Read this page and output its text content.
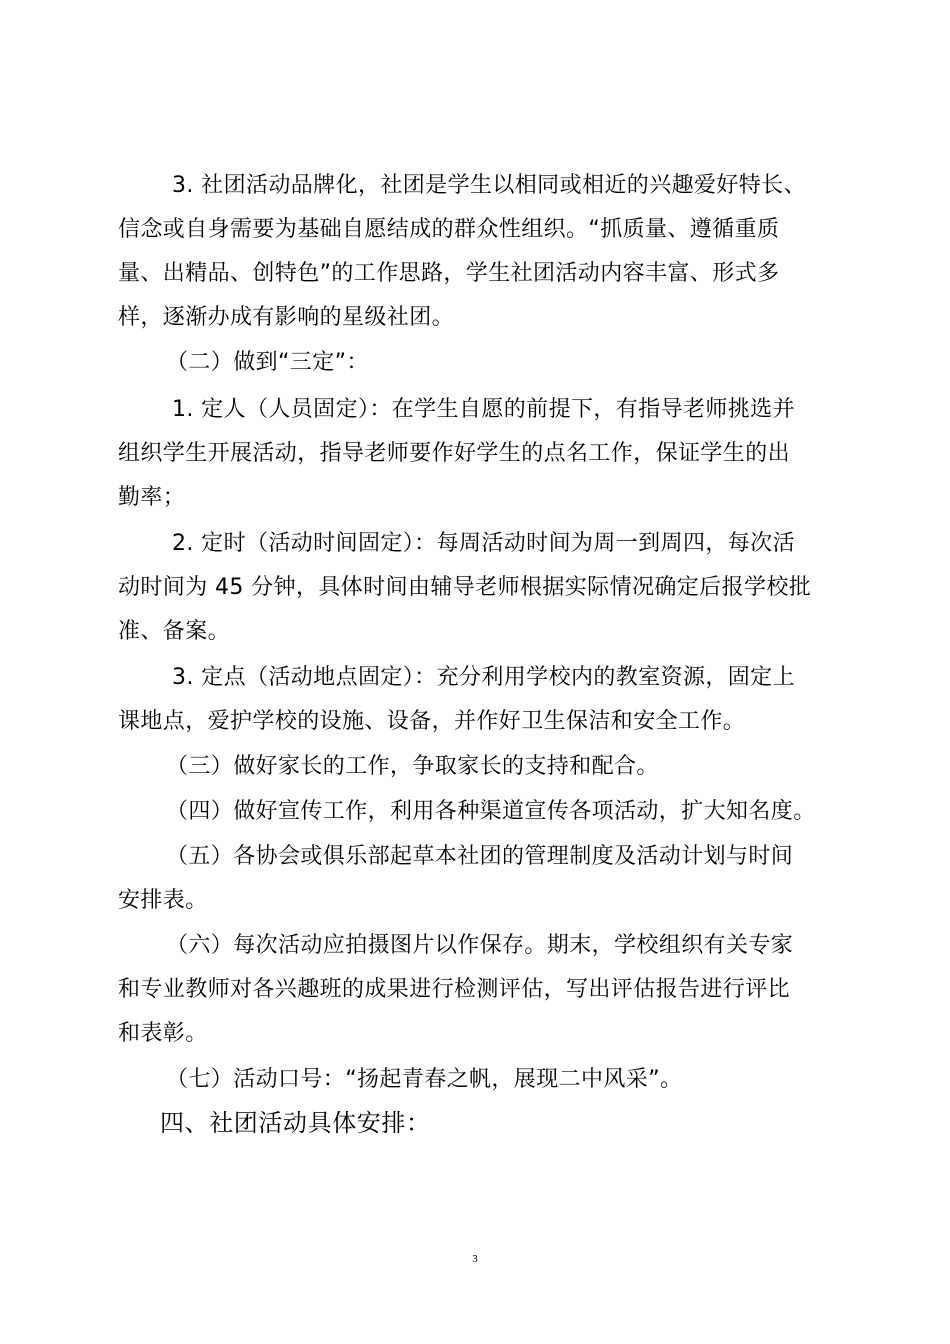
3. 社团活动品牌化，社团是学生以相同或相近的兴趣爱好特长、
信念或自身需要为基础自愿结成的群众性组织。“抓质量、遵循重质
量、出精品、创特色”的工作思路，学生社团活动内容丰富、形式多
样，逐渐办成有影响的星级社团。
（二）做到“三定”：
1. 定人（人员固定）：在学生自愿的前提下，有指导老师挑选并
组织学生开展活动，指导老师要作好学生的点名工作，保证学生的出
勤率；
2. 定时（活动时间固定）：每周活动时间为周一到周四，每次活
动时间为 45 分钟，具体时间由辅导老师根据实际情况确定后报学校批
准、备案。
3. 定点（活动地点固定）：充分利用学校内的教室资源，固定上
课地点，爱护学校的设施、设备，并作好卫生保洁和安全工作。
（三）做好家长的工作，争取家长的支持和配合。
（四）做好宣传工作，利用各种渠道宣传各项活动，扩大知名度。
（五）各协会或俱乐部起草本社团的管理制度及活动计划与时间
安排表。
（六）每次活动应拍摄图片以作保存。期末，学校组织有关专家
和专业教师对各兴趣班的成果进行检测评估，写出评估报告进行评比
和表彰。
（七）活动口号：“扬起青春之帆，展现二中风采”。
四、社团活动具体安排：
3
